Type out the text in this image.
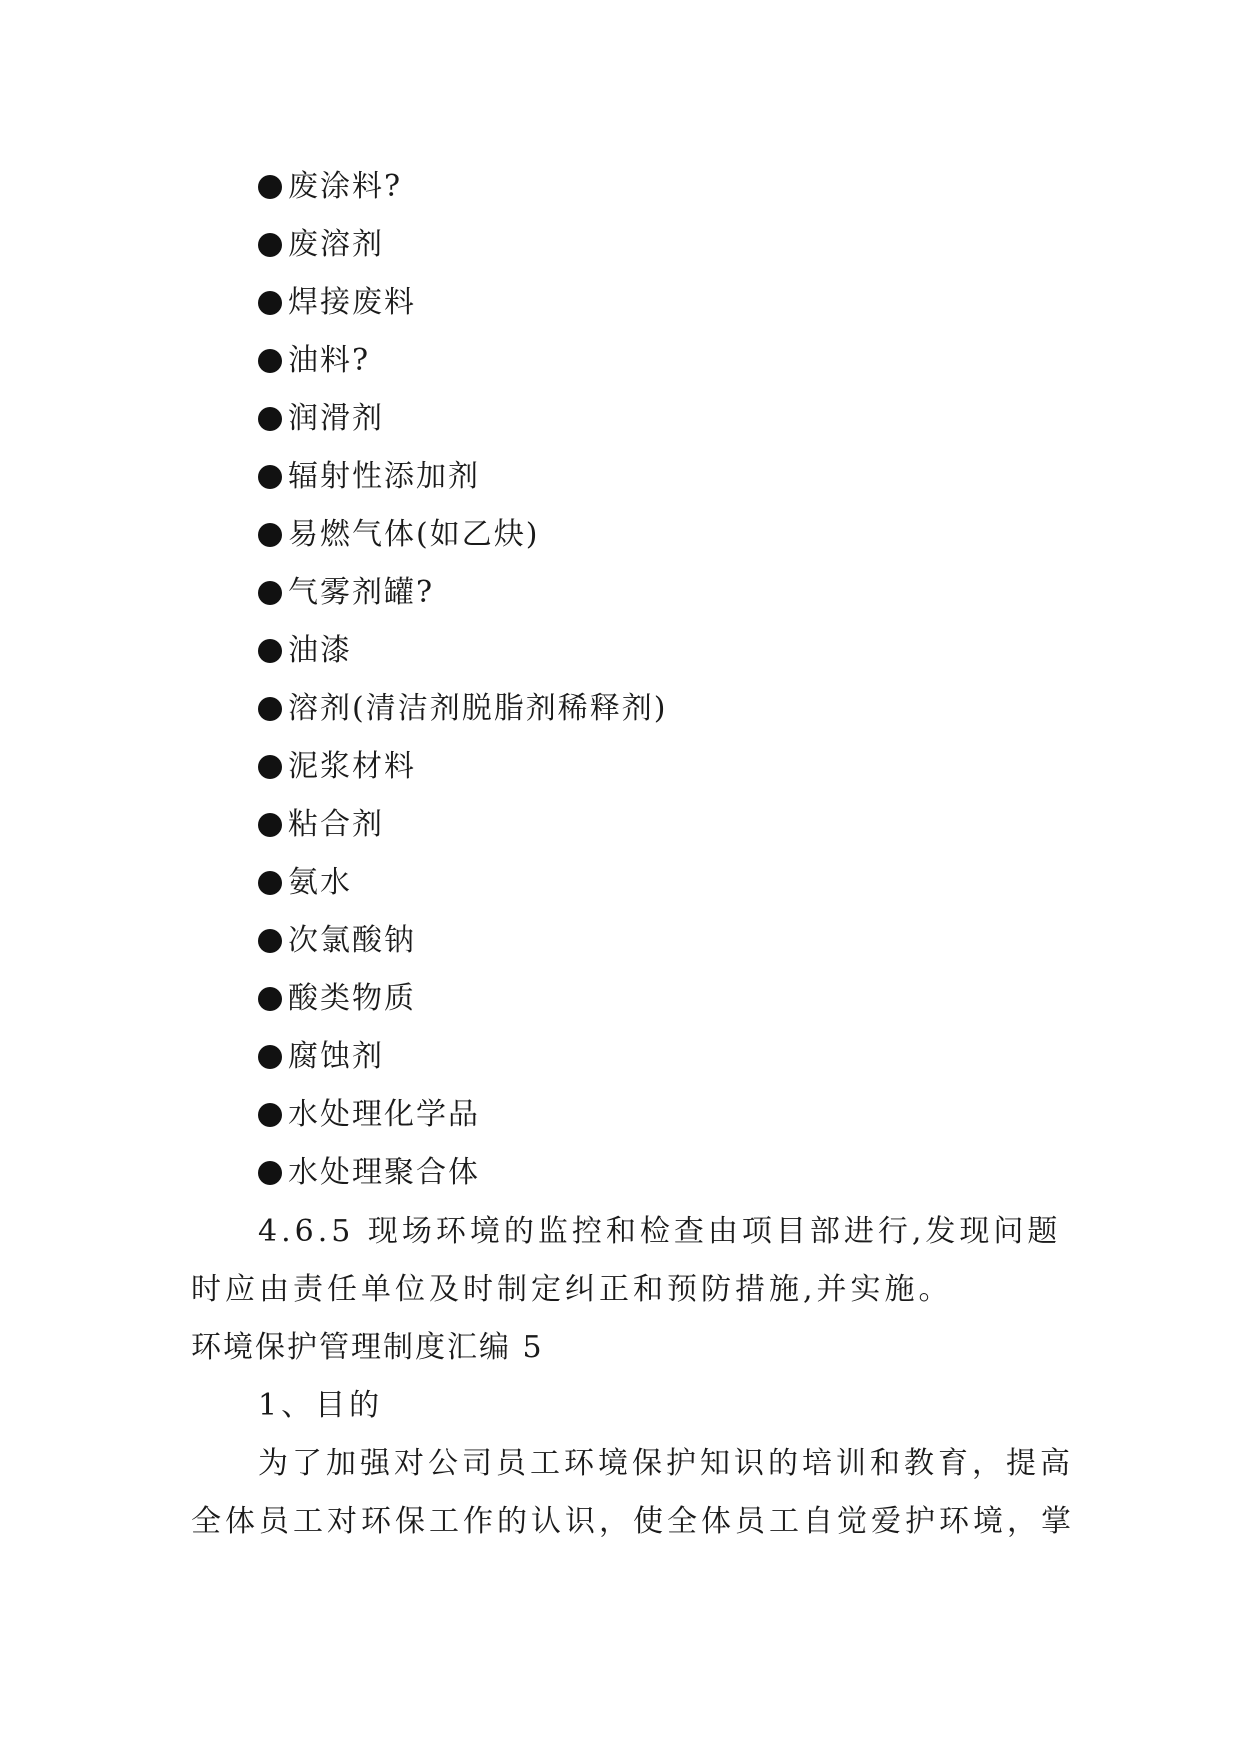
废涂料?
废溶剂
焊接废料
油料?
润滑剂
辐射性添加剂
易燃气体(如乙炔)
气雾剂罐?
油漆
溶剂(清洁剂脱脂剂稀释剂)
泥浆材料
粘合剂
氨水
次氯酸钠
酸类物质
腐蚀剂
水处理化学品
水处理聚合体

4.6.5 现场环境的监控和检查由项目部进行,发现问题

时应由责任单位及时制定纠正和预防措施,并实施。

环境保护管理制度汇编 5

1、目的

为了加强对公司员工环境保护知识的培训和教育，提高

全体员工对环保工作的认识，使全体员工自觉爱护环境，掌
